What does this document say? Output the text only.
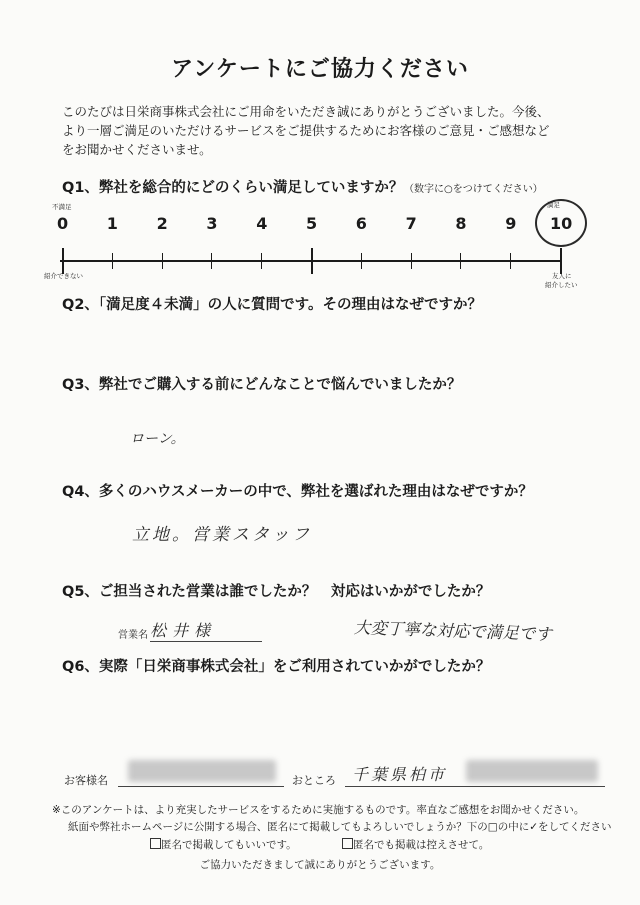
アンケートにご協力ください
このたびは日栄商事株式会社にご用命をいただき誠にありがとうございました。今後、
より一層ご満足のいただけるサービスをご提供するためにお客様のご意見・ご感想など
をお聞かせくださいませ。
Q1、弊社を総合的にどのくらい満足していますか？ （数字に○をつけてください）
不満足	満足
0 1 2 3 4 5 6 7 8 9 10
紹介できない	友人に
紹介したい
Q2、「満足度４未満」の人に質問です。その理由はなぜですか？
Q3、弊社でご購入する前にどんなことで悩んでいましたか？
ローン。
Q4、多くのハウスメーカーの中で、弊社を選ばれた理由はなぜですか？
立地。営業スタッフ
Q5、ご担当された営業は誰でしたか？　対応はいかがでしたか？
営業名 松井様	大変丁寧な対応で満足です
Q6、実際「日栄商事株式会社」をご利用されていかがでしたか？
お客様名	おところ 千葉県柏市
※このアンケートは、より充実したサービスをするために実施するものです。率直なご感想をお聞かせください。
紙面や弊社ホームページに公開する場合、匿名にて掲載してもよろしいでしょうか？下の□の中に✓をしてください
匿名で掲載してもいいです。	匿名でも掲載は控えさせて。
ご協力いただきまして誠にありがとうございます。
